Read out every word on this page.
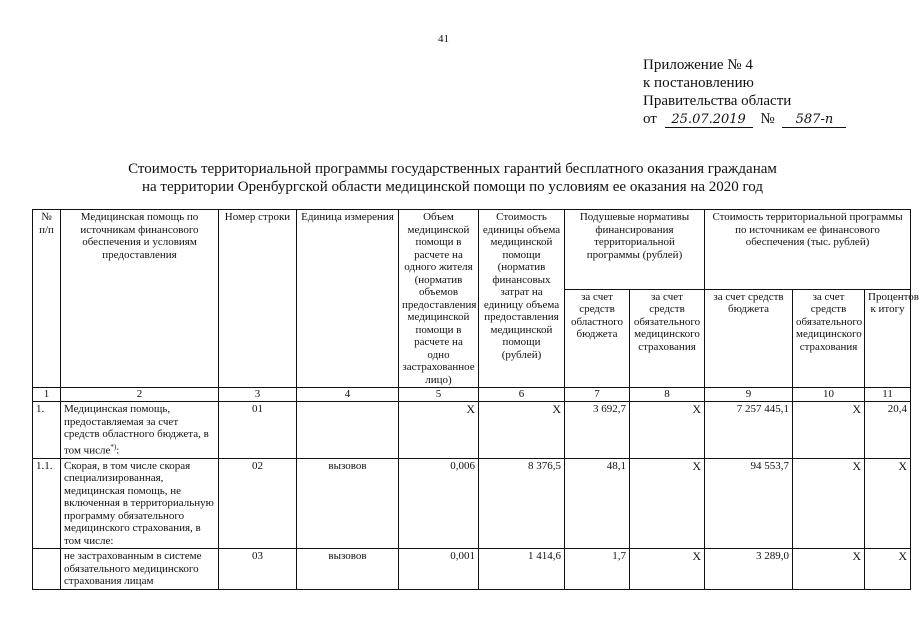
41
Приложение № 4
к постановлению
Правительства области
от 25.07.2019 № 587-п
Стоимость территориальной программы государственных гарантий бесплатного оказания гражданам
на территории Оренбургской области медицинской помощи по условиям ее оказания на 2020 год
№ п/п	Медицинская помощь по источникам финансового обеспечения и условиям предоставления	Номер строки	Единица измерения	Объем медицинской помощи в расчете на одного жителя (норматив объемов предоставления медицинской помощи в расчете на одно застрахованное лицо)	Стоимость единицы объема медицинской помощи (норматив финансовых затрат на единицу объема предоставления медицинской помощи (рублей)	Подушевые нормативы финансирования территориальной программы (рублей)		Стоимость территориальной программы по источникам ее финансового обеспечения (тыс. рублей)		
						за счет средств областного бюджета	за счет средств обязательного медицинского страхования	за счет средств бюджета	за счет средств обязательного медицинского страхования	Процентов к итогу
1	2	3	4	5	6	7	8	9	10	11
1.	Медицинская помощь, предоставляемая за счет средств областного бюджета, в том числе*):	01		Х	Х	3 692,7	Х	7 257 445,1	Х	20,4
1.1.	Скорая, в том числе скорая специализированная, медицинская помощь, не включенная в территориальную программу обязательного медицинского страхования, в том числе:	02	вызовов	0,006	8 376,5	48,1	Х	94 553,7	Х	Х
	не застрахованным в системе обязательного медицинского страхования лицам	03	вызовов	0,001	1 414,6	1,7	Х	3 289,0	Х	Х
